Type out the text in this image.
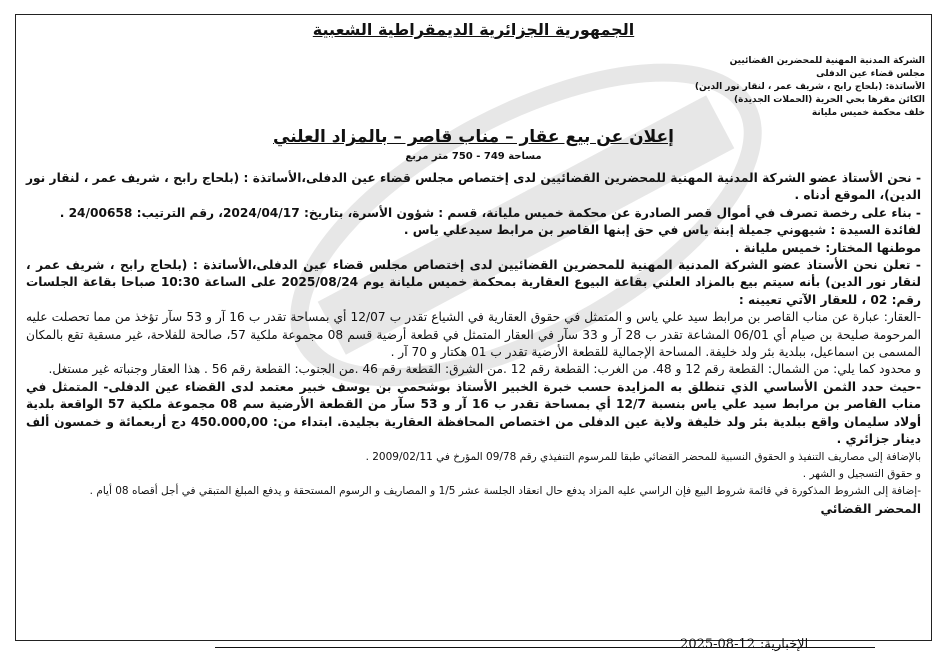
الجمهورية الجزائرية الديمقراطية الشعبية
الشركة المدنية المهنية للمحضرين القضائيين
مجلس قضاء عين الدفلى
الأساتذة: (بلحاج رابح ، شريف عمر ، لنقار نور الدين)
الكائن مقرها بحي الحرية (الحملات الجديدة)
خلف محكمة خميس مليانة
إعلان عن بيع عقار – مناب قاصر – بالمزاد العلني
مساحة 749 - 750 متر مربع

- نحن الأستاذ عضو الشركة المدنية المهنية للمحضرين القضائيين لدى إختصاص مجلس قضاء عين الدفلى،الأساتذة : (بلحاج رابح ، شريف عمر ، لنقار نور الدين)، الموقع أدناه .

- بناء على رخصة تصرف في أموال قصر الصادرة عن محكمة خميس مليانة، قسم : شؤون الأسرة، بتاريخ: 2024/04/17، رقم الترتيب: 24/00658 .

لفائدة السيدة : شيهوني جميلة إبنة ياس في حق إبنها القاصر بن مرابط سيدعلي ياس .

موطنها المختار: خميس مليانة .

- تعلن نحن الأستاذ عضو الشركة المدنية المهنية للمحضرين القضائيين لدى إختصاص مجلس قضاء عين الدفلى،الأساتذة : (بلحاج رابح ، شريف عمر ، لنقار نور الدين) بأنه سيتم بيع بالمزاد العلني بقاعة البيوع العقارية بمحكمة خميس مليانة يوم 2025/08/24 على الساعة 10:30 صباحا بقاعة الجلسات رقم: 02 ، للعقار الآتي تعيينه :

-العقار: عبارة عن مناب القاصر بن مرابط سيد علي ياس و المتمثل في حقوق العقارية في الشياع تقدر ب 12/07 أي بمساحة تقدر ب 16 آر و 53 سآر تؤخذ من مما تحصلت عليه المرحومة صليحة بن صيام أي 06/01 المشاعة تقدر ب 28 آر و 33 سآر في العقار المتمثل في قطعة أرضية قسم 08 مجموعة ملكية 57، صالحة للفلاحة، غير مسقية تقع بالمكان المسمى بن اسماعيل، ببلدية بئر ولد خليفة. المساحة الإجمالية للقطعة الأرضية تقدر ب 01 هكتار و 70 آر .

و محدود كما يلي: من الشمال: القطعة رقم 12 و 48. من الغرب: القطعة رقم 12 .من الشرق: القطعة رقم 46 .من الجنوب: القطعة رقم 56 . هذا العقار وجنباته غير مستغل.

-حيث حدد الثمن الأساسي الذي تنطلق به المزايدة حسب خبرة الخبير الأستاذ بوشحمي بن يوسف خبير معتمد لدى القضاء عين الدفلى- المتمثل في مناب القاصر بن مرابط سيد علي ياس بنسبة 12/7 أي بمساحة تقدر ب 16 آر و 53 سآر من القطعة الأرضية سم 08 مجموعة ملكية 57 الواقعة بلدية أولاد سليمان واقع ببلدية بئر ولد خليفة ولاية عين الدفلى من اختصاص المحافظة العقارية بجليدة. ابتداء من: 450.000,00 دج أربعمائة و خمسون ألف دينار جزائري .

بالإضافة إلى مصاريف التنفيذ و الحقوق النسبية للمحضر القضائي طبقا للمرسوم التنفيذي رقم 09/78 المؤرخ في 2009/02/11 .

و حقوق التسجيل و الشهر .

-إضافة إلى الشروط المذكورة في قائمة شروط البيع فإن الراسي عليه المزاد يدفع حال انعقاد الجلسة عشر 1/5 و المصاريف و الرسوم المستحقة و يدفع المبلغ المتبقي في أجل أقصاه 08 أيام .

المحضر القضائي

الإخبارية:
2025-08-12
